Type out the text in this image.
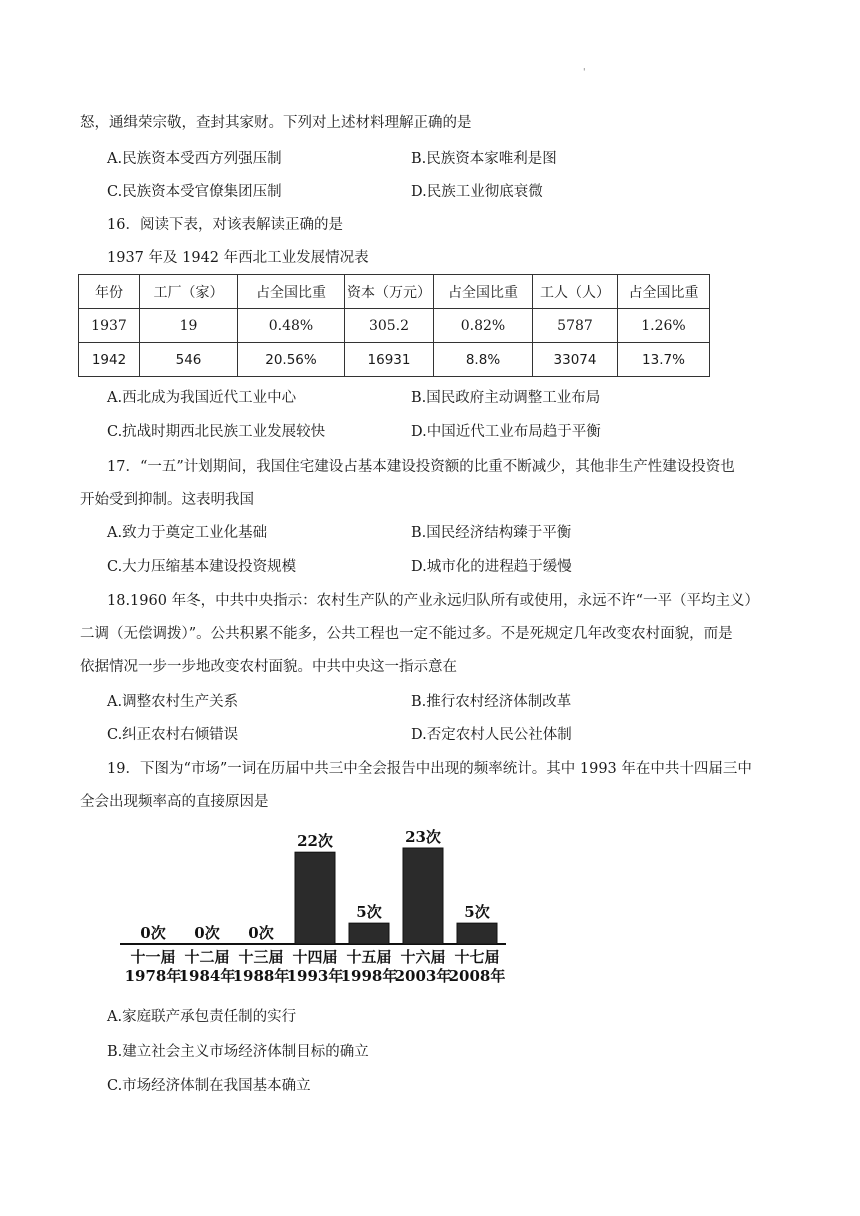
'
怒，通缉荣宗敬，查封其家财。下列对上述材料理解正确的是
A.民族资本受西方列强压制	B.民族资本家唯利是图
C.民族资本受官僚集团压制	D.民族工业彻底衰微
16．阅读下表，对该表解读正确的是
1937 年及 1942 年西北工业发展情况表
年份	工厂（家）	占全国比重	资本（万元）	占全国比重	工人（人）	占全国比重
1937	19	0.48%	305.2	0.82%	5787	1.26%
1942	546	20.56%	16931	8.8%	33074	13.7%
A.西北成为我国近代工业中心	B.国民政府主动调整工业布局
C.抗战时期西北民族工业发展较快	D.中国近代工业布局趋于平衡
17．“一五”计划期间，我国住宅建设占基本建设投资额的比重不断减少，其他非生产性建设投资也
开始受到抑制。这表明我国
A.致力于奠定工业化基础	B.国民经济结构臻于平衡
C.大力压缩基本建设投资规模	D.城市化的进程趋于缓慢
18.1960 年冬，中共中央指示：农村生产队的产业永远归队所有或使用，永远不许“一平（平均主义）
二调（无偿调拨）”。公共积累不能多，公共工程也一定不能过多。不是死规定几年改变农村面貌，而是
依据情况一步一步地改变农村面貌。中共中央这一指示意在
A.调整农村生产关系	B.推行农村经济体制改革
C.纠正农村右倾错误	D.否定农村人民公社体制
19．下图为“市场”一词在历届中共三中全会报告中出现的频率统计。其中 1993 年在中共十四届三中
全会出现频率高的直接原因是
0次
十一届
1978年
0次
十二届
1984年
0次
十三届
1988年
22次
十四届
1993年
5次
十五届
1998年
23次
十六届
2003年
5次
十七届
2008年
A.家庭联产承包责任制的实行
B.建立社会主义市场经济体制目标的确立
C.市场经济体制在我国基本确立
